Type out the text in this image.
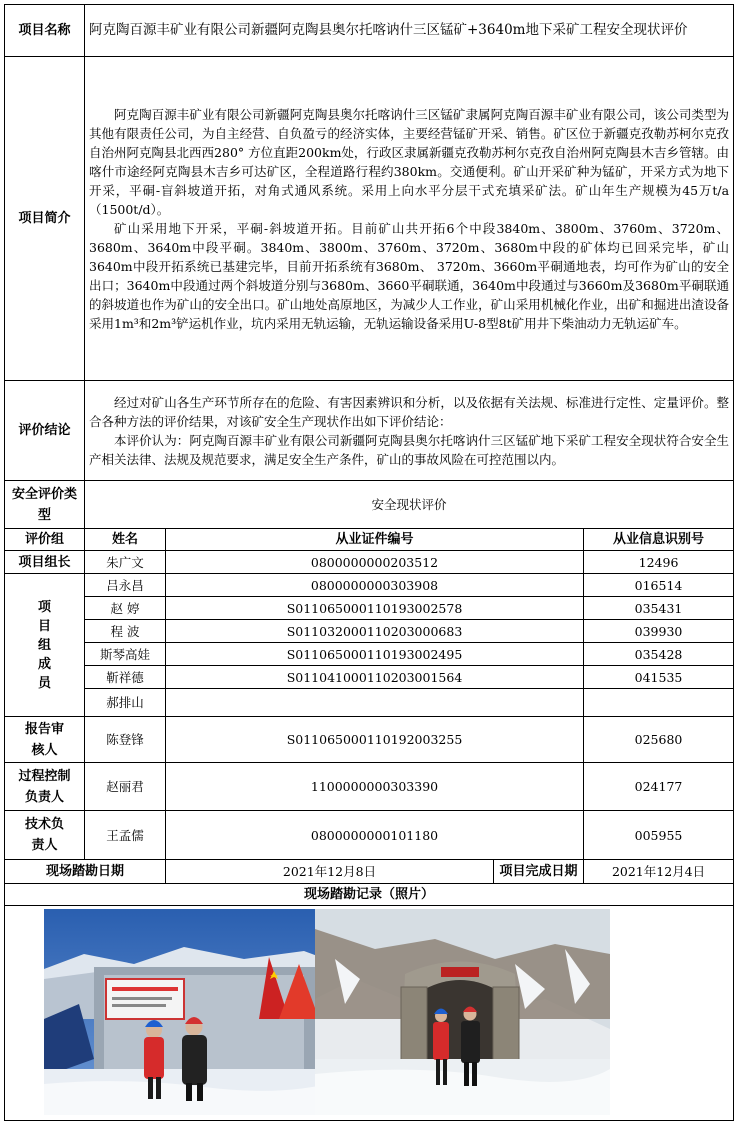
项目名称	阿克陶百源丰矿业有限公司新疆阿克陶县奥尔托喀讷什三区锰矿+3640m地下采矿工程安全现状评价			
项目简介	阿克陶百源丰矿业有限公司新疆阿克陶县奥尔托喀讷什三区锰矿隶属阿克陶百源丰矿业有限公司，该公司类型为其他有限责任公司，为自主经营、自负盈亏的经济实体，主要经营锰矿开采、销售。矿区位于新疆克孜勒苏柯尔克孜自治州阿克陶县北西西280° 方位直距200km处，行政区隶属新疆克孜勒苏柯尔克孜自治州阿克陶县木吉乡管辖。由喀什市途经阿克陶县木吉乡可达矿区，全程道路行程约380km。交通便利。矿山开采矿种为锰矿，开采方式为地下开采，平硐-盲斜坡道开拓，对角式通风系统。采用上向水平分层干式充填采矿法。矿山年生产规模为45万t/a（1500t/d）。

矿山采用地下开采，平硐-斜坡道开拓。目前矿山共开拓6个中段3840m、3800m、3760m、3720m、3680m、3640m中段平硐。3840m、3800m、3760m、3720m、3680m中段的矿体均已回采完毕，矿山3640m中段开拓系统已基建完毕，目前开拓系统有3680m、 3720m、3660m平硐通地表，均可作为矿山的安全出口；3640m中段通过两个斜坡道分别与3680m、3660平硐联通，3640m中段通过与3660m及3680m平硐联通的斜坡道也作为矿山的安全出口。矿山地处高原地区，为减少人工作业，矿山采用机械化作业，出矿和掘进出渣设备采用1m³和2m³铲运机作业，坑内采用无轨运输，无轨运输设备采用U-8型8t矿用井下柴油动力无轨运矿车。			

评价结论	经过对矿山各生产环节所存在的危险、有害因素辨识和分析，以及依据有关法规、标准进行定性、定量评价。整合各种方法的评价结果，对该矿安全生产现状作出如下评价结论：

本评价认为：阿克陶百源丰矿业有限公司新疆阿克陶县奥尔托喀讷什三区锰矿地下采矿工程安全现状符合安全生产相关法律、法规及规范要求，满足安全生产条件，矿山的事故风险在可控范围以内。			

安全评价类型	安全现状评价			
评价组	姓名	从业证件编号		从业信息识别号
项目组长	朱广文	0800000000203512		12496
项目组成员	吕永昌	0800000000303908		016514
	赵 婷	S011065000110193002578		035431
	程 波	S011032000110203000683		039930
	斯琴高娃	S011065000110193002495		035428
	靳祥德	S011041000110203001564		041535
	郝排山			
报告审核人	陈登锋	S011065000110192003255		025680
过程控制负责人	赵丽君	1100000000303390		024177
技术负责人	王孟儒	0800000000101180		005955
现场踏勘日期		2021年12月8日	项目完成日期	2021年12月4日
现场踏勘记录（照片）				
